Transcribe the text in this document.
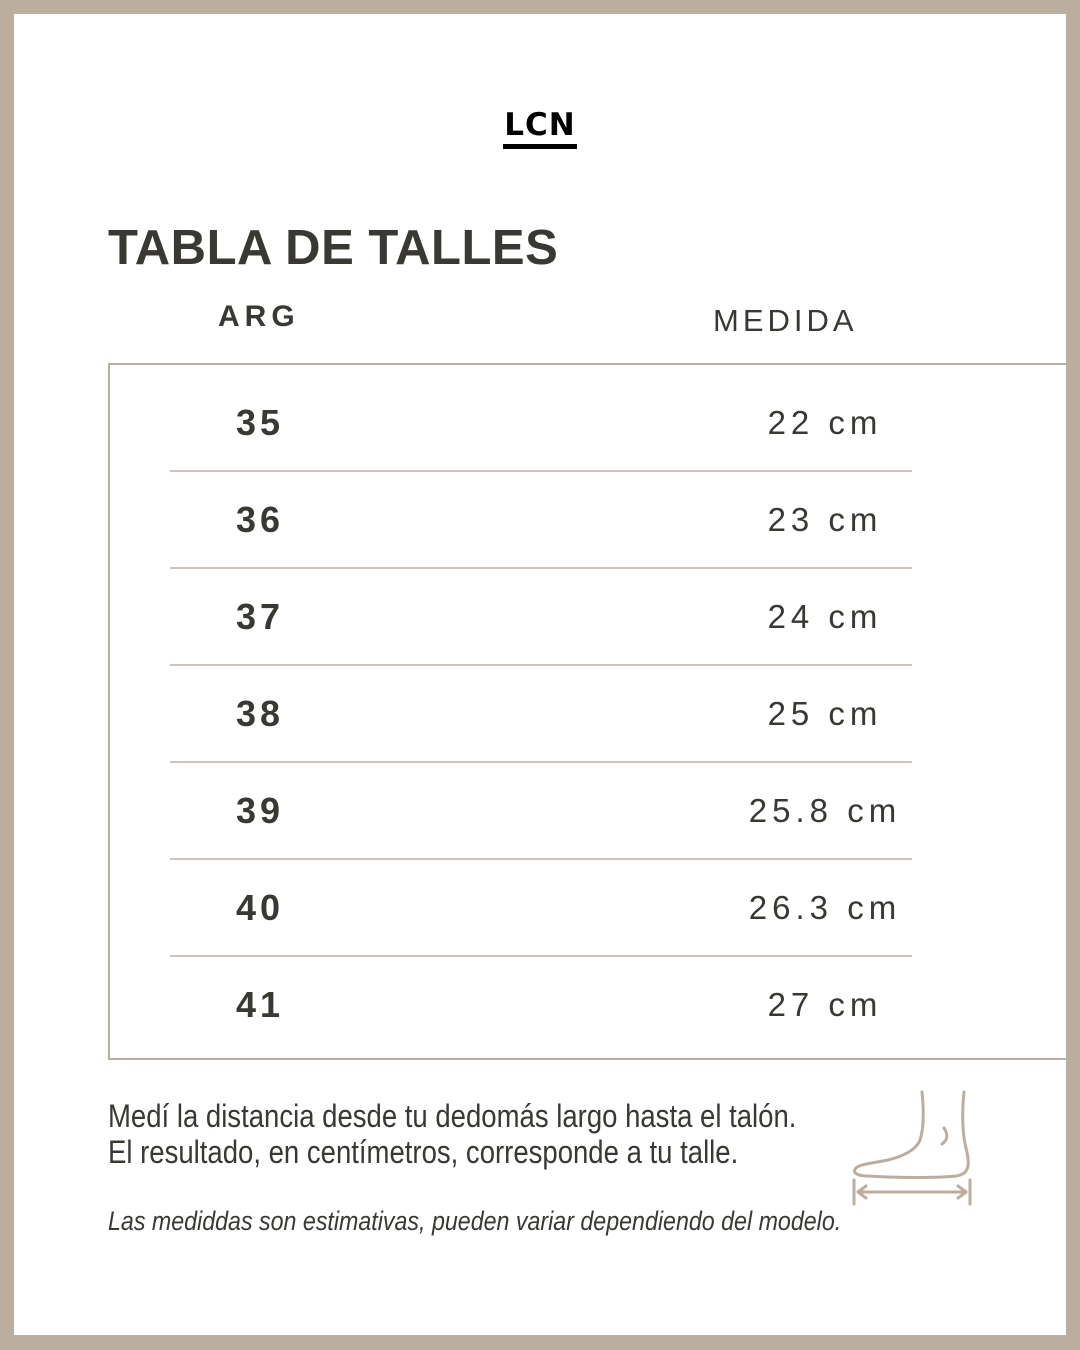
LCN
TABLA DE TALLES
ARG	MEDIDA
35	22 cm
36	23 cm
37	24 cm
38	25 cm
39	25.8 cm
40	26.3 cm
41	27 cm
Medí la distancia desde tu dedomás largo hasta el talón.
El resultado, en centímetros, corresponde a tu talle.
Las mediddas son estimativas, pueden variar dependiendo del modelo.
